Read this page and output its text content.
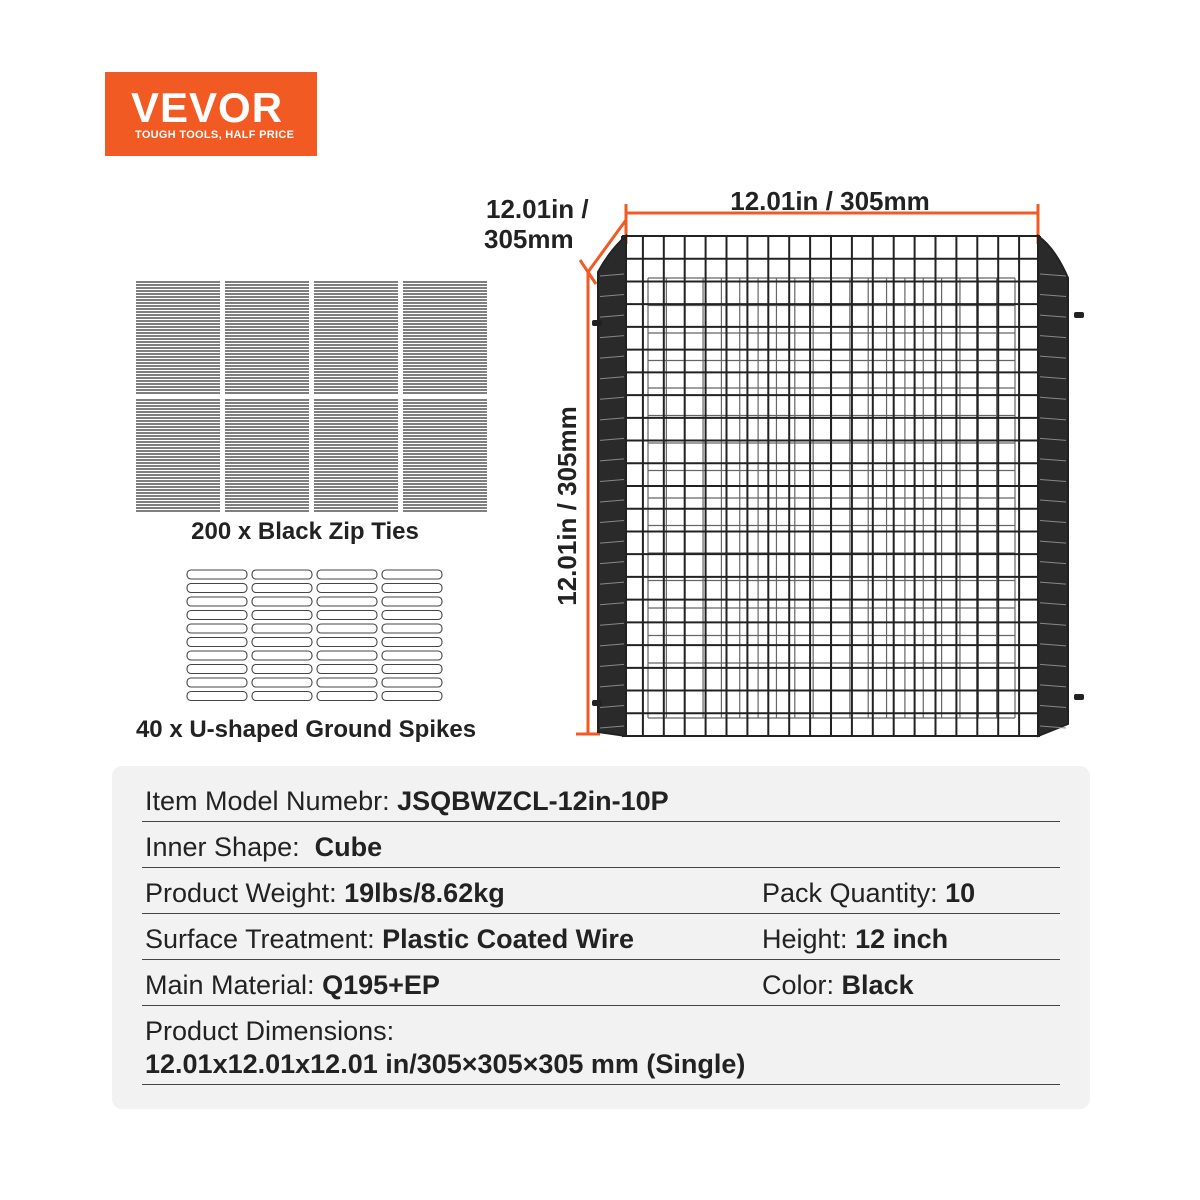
VEVOR
TOUGH TOOLS, HALF PRICE
200 x Black Zip Ties
40 x U-shaped Ground Spikes
12.01in / 305mm
12.01in /
305mm
12.01in / 305mm
Item Model Numebr: JSQBWZCL-12in-10P
Inner Shape: Cube
Product Weight: 19lbs/8.62kg	Pack Quantity: 10
Surface Treatment: Plastic Coated Wire	Height: 12 inch
Main Material: Q195+EP	Color: Black
Product Dimensions:
12.01x12.01x12.01 in/305×305×305 mm (Single)
